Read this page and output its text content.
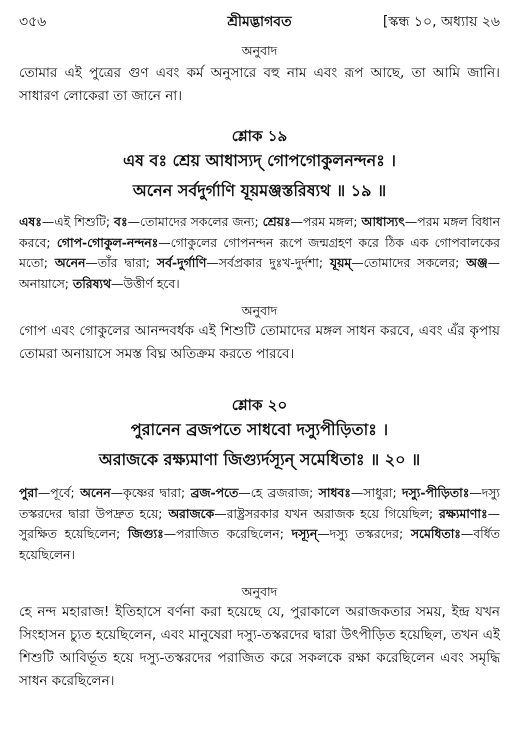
৩৫৬	শ্রীমদ্ভাগবত	[স্কন্ধ ১০, অধ্যায় ২৬
অনুবাদ
তোমার এই পুত্রের গুণ এবং কর্ম অনুসারে বহু নাম এবং রূপ আছে, তা আমি জানি। সাধারণ লোকেরা তা জানে না।
শ্লোক ১৯
এষ বঃ শ্রেয় আধাস্যদ্ গোপগোকুলনন্দনঃ ।
অনেন সর্বদুর্গাণি যূয়মঞ্জস্তরিষ্যথ ॥ ১৯ ॥
এষঃ—এই শিশুটি; বঃ—তোমাদের সকলের জন্য; শ্রেয়ঃ—পরম মঙ্গল; আধাস্যৎ—পরম মঙ্গল বিধান করবে; গোপ-গোকুল-নন্দনঃ—গোকুলের গোপনন্দন রূপে জন্মগ্রহণ করে ঠিক এক গোপবালকের মতো; অনেন—তাঁর দ্বারা; সর্ব-দুর্গাণি—সর্বপ্রকার দুঃখ-দুর্দশা; যূয়ম্—তোমাদের সকলের; অঞ্জ—অনায়াসে; তরিষ্যথ—উত্তীর্ণ হবে।
অনুবাদ
গোপ এবং গোকুলের আনন্দবর্ধক এই শিশুটি তোমাদের মঙ্গল সাধন করবে, এবং এঁর কৃপায় তোমরা অনায়াসে সমস্ত বিঘ্ন অতিক্রম করতে পারবে।
শ্লোক ২০
পুরানেন ব্রজপতে সাধবো দস্যুপীড়িতাঃ ।
অরাজকে রক্ষ্যমাণা জিগ্যুর্দস্যূন্ সমেধিতাঃ ॥ ২০ ॥
পুরা—পূর্বে; অনেন—কৃষ্ণের দ্বারা; ব্রজ-পতে—হে ব্রজরাজ; সাধবঃ—সাধুরা; দস্যু-পীড়িতাঃ—দস্যু তস্করদের দ্বারা উপদ্রুত হয়ে; অরাজকে—রাষ্ট্রসরকার যখন অরাজক হয়ে গিয়েছিল; রক্ষ্যমাণাঃ—সুরক্ষিত হয়েছিলেন; জিগ্যুঃ—পরাজিত করেছিলেন; দস্যূন্—দস্যু তস্করদের; সমেধিতাঃ—বর্ধিত হয়েছিলেন।
অনুবাদ
হে নন্দ মহারাজ! ইতিহাসে বর্ণনা করা হয়েছে যে, পুরাকালে অরাজকতার সময়, ইন্দ্র যখন সিংহাসন চ্যুত হয়েছিলেন, এবং মানুষেরা দস্যু-তস্করদের দ্বারা উৎপীড়িত হয়েছিল, তখন এই শিশুটি আবির্ভূত হয়ে দস্যু-তস্করদের পরাজিত করে সকলকে রক্ষা করেছিলেন এবং সমৃদ্ধি সাধন করেছিলেন।
